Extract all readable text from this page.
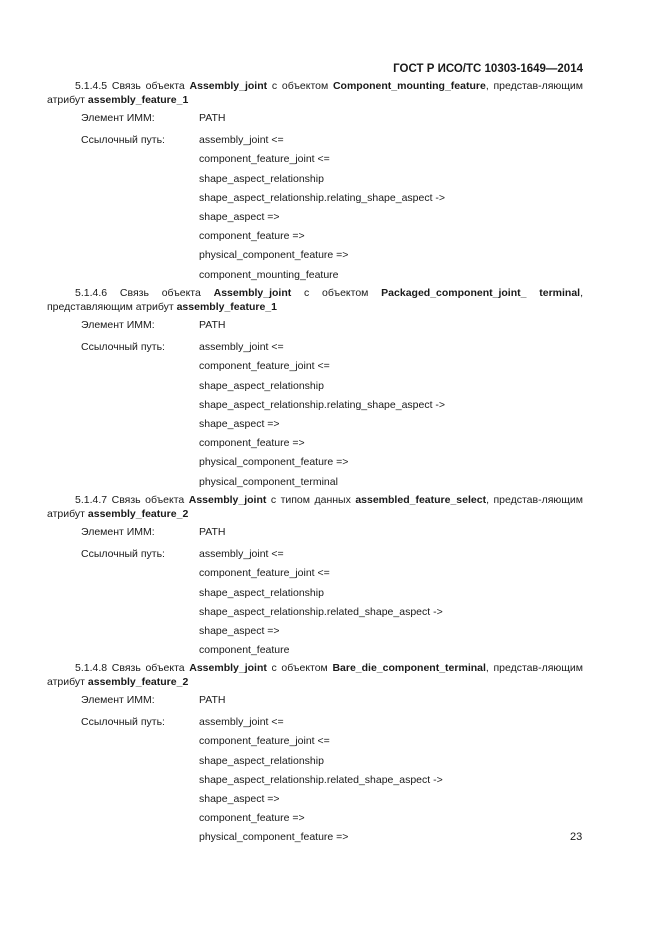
ГОСТ Р ИСО/ТС 10303-1649—2014
5.1.4.5 Связь объекта Assembly_joint с объектом Component_mounting_feature, представ-ляющим атрибут assembly_feature_1
Элемент ИММ:	PATH
Ссылочный путь:	assembly_joint <=
component_feature_joint <=
shape_aspect_relationship
shape_aspect_relationship.relating_shape_aspect ->
shape_aspect =>
component_feature =>
physical_component_feature =>
component_mounting_feature
5.1.4.6 Связь объекта Assembly_joint с объектом Packaged_component_joint_ terminal, представляющим атрибут assembly_feature_1
Элемент ИММ:	PATH
Ссылочный путь:	assembly_joint <=
component_feature_joint <=
shape_aspect_relationship
shape_aspect_relationship.relating_shape_aspect ->
shape_aspect =>
component_feature =>
physical_component_feature =>
physical_component_terminal
5.1.4.7 Связь объекта Assembly_joint с типом данных assembled_feature_select, представ-ляющим атрибут assembly_feature_2
Элемент ИММ:	PATH
Ссылочный путь:	assembly_joint <=
component_feature_joint <=
shape_aspect_relationship
shape_aspect_relationship.related_shape_aspect ->
shape_aspect =>
component_feature
5.1.4.8 Связь объекта Assembly_joint с объектом Bare_die_component_terminal, представ-ляющим атрибут assembly_feature_2
Элемент ИММ:	PATH
Ссылочный путь:	assembly_joint <=
component_feature_joint <=
shape_aspect_relationship
shape_aspect_relationship.related_shape_aspect ->
shape_aspect =>
component_feature =>
physical_component_feature =>	23
